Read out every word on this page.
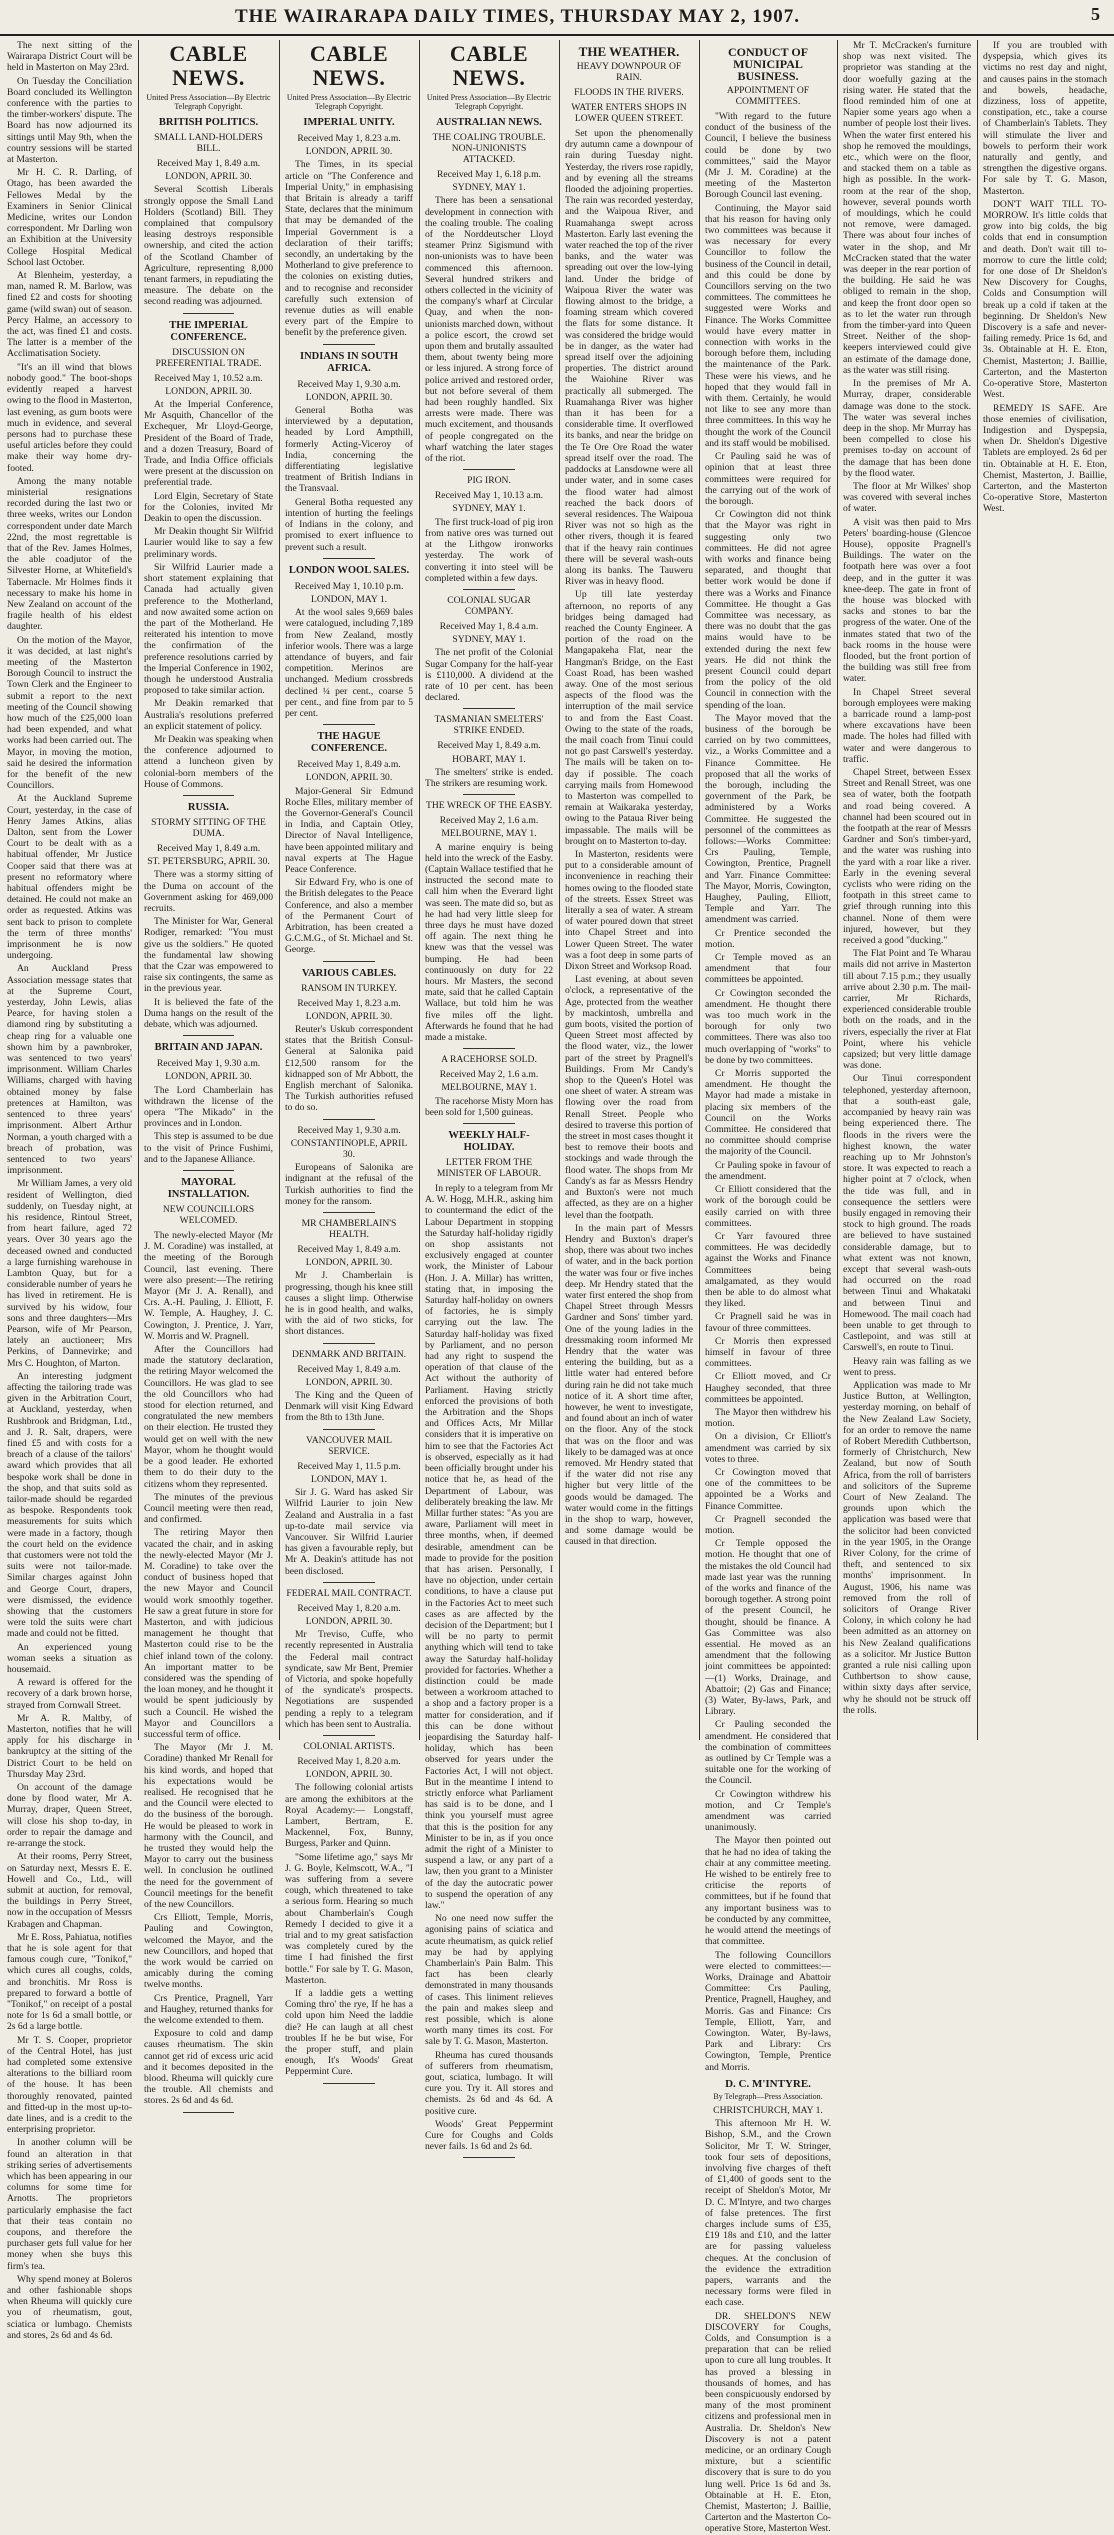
THE WAIRARAPA DAILY TIMES, THURSDAY MAY 2, 1907.	5

The next sitting of the Wairarapa District Court will be held in Masterton on May 23rd.

On Tuesday the Conciliation Board concluded its Wellington conference with the parties to the timber-workers' dispute. The Board has now adjourned its sittings until May 9th, when the country sessions will be started at Masterton.

Mr H. C. R. Darling, of Otago, has been awarded the Fellowes Medal by the Examiners in Senior Clinical Medicine, writes our London correspondent. Mr Darling won an Exhibition at the University College Hospital Medical School last October.

At Blenheim, yesterday, a man, named R. M. Barlow, was fined £2 and costs for shooting game (wild swan) out of season. Percy Halme, an accessory to the act, was fined £1 and costs. The latter is a member of the Acclimatisation Society.

"It's an ill wind that blows nobody good." The boot-shops evidently reaped a harvest owing to the flood in Masterton, last evening, as gum boots were much in evidence, and several persons had to purchase these useful articles before they could make their way home dry-footed.

Among the many notable ministerial resignations recorded during the last two or three weeks, writes our London correspondent under date March 22nd, the most regrettable is that of the Rev. James Holmes, the able coadjutor of the Silvester Horne, at Whitefield's Tabernacle. Mr Holmes finds it necessary to make his home in New Zealand on account of the fragile health of his eldest daughter.

On the motion of the Mayor, it was decided, at last night's meeting of the Masterton Borough Council to instruct the Town Clerk and the Engineer to submit a report to the next meeting of the Council showing how much of the £25,000 loan had been expended, and what works had been carried out. The Mayor, in moving the motion, said he desired the information for the benefit of the new Councillors.

At the Auckland Supreme Court, yesterday, in the case of Henry James Atkins, alias Dalton, sent from the Lower Court to be dealt with as a habitual offender, Mr Justice Cooper said that there was at present no reformatory where habitual offenders might be detained. He could not make an order as requested. Atkins was sent back to prison to complete the term of three months' imprisonment he is now undergoing.

An Auckland Press Association message states that at the Supreme Court, yesterday, John Lewis, alias Pearce, for having stolen a diamond ring by substituting a cheap ring for a valuable one shown him by a pawnbroker, was sentenced to two years' imprisonment. William Charles Williams, charged with having obtained money by false pretences at Hamilton, was sentenced to three years' imprisonment. Albert Arthur Norman, a youth charged with a breach of probation, was sentenced to two years' imprisonment.

Mr William James, a very old resident of Wellington, died suddenly, on Tuesday night, at his residence, Rintoul Street, from heart failure, aged 72 years. Over 30 years ago the deceased owned and conducted a large furnishing warehouse in Lambton Quay, but for a considerable number of years he has lived in retirement. He is survived by his widow, four sons and three daughters—Mrs Pearson, wife of Mr Pearson, lately an auctioneer; Mrs Perkins, of Dannevirke; and Mrs C. Houghton, of Marton.

An interesting judgment affecting the tailoring trade was given in the Arbitration Court, at Auckland, yesterday, when Rushbrook and Bridgman, Ltd., and J. R. Salt, drapers, were fined £5 and with costs for a breach of a clause of the tailors' award which provides that all bespoke work shall be done in the shop, and that suits sold as tailor-made should be regarded as bespoke. Respondents took measurements for suits which were made in a factory, though the court held on the evidence that customers were not told the suits were not tailor-made. Similar charges against John and George Court, drapers, were dismissed, the evidence showing that the customers were told the suits were chart made and could not be fitted.

An experienced young woman seeks a situation as housemaid.

A reward is offered for the recovery of a dark brown horse, strayed from Cornwall Street.

Mr A. R. Maltby, of Masterton, notifies that he will apply for his discharge in bankruptcy at the sitting of the District Court to be held on Thursday May 23rd.

On account of the damage done by flood water, Mr A. Murray, draper, Queen Street, will close his shop to-day, in order to repair the damage and re-arrange the stock.

At their rooms, Perry Street, on Saturday next, Messrs E. E. Howell and Co., Ltd., will submit at auction, for removal, the buildings in Perry Street, now in the occupation of Messrs Krabagen and Chapman.

Mr E. Ross, Pahiatua, notifies that he is sole agent for that famous cough cure, "Tonikof," which cures all coughs, colds, and bronchitis. Mr Ross is prepared to forward a bottle of "Tonikof," on receipt of a postal note for 1s 6d a small bottle, or 2s 6d a large bottle.

Mr T. S. Cooper, proprietor of the Central Hotel, has just had completed some extensive alterations to the billiard room of the house. It has been thoroughly renovated, painted and fitted-up in the most up-to-date lines, and is a credit to the enterprising proprietor.

In another column will be found an alteration in that striking series of advertisements which has been appearing in our columns for some time for Arnotts. The proprietors particularly emphasise the fact that their teas contain no coupons, and therefore the purchaser gets full value for her money when she buys this firm's tea.

Why spend money at Boleros and other fashionable shops when Rheuma will quickly cure you of rheumatism, gout, sciatica or lumbago. Chemists and stores, 2s 6d and 4s 6d.

CABLE NEWS.
United Press Association—By Electric Telegraph Copyright.
BRITISH POLITICS.
SMALL LAND-HOLDERS BILL.
Received May 1, 8.49 a.m.
LONDON, APRIL 30.

Several Scottish Liberals strongly oppose the Small Land Holders (Scotland) Bill. They complained that compulsory leasing destroys responsible ownership, and cited the action of the Scotland Chamber of Agriculture, representing 8,000 tenant farmers, in repudiating the measure. The debate on the second reading was adjourned.

THE IMPERIAL CONFERENCE.
DISCUSSION ON PREFERENTIAL TRADE.
Received May 1, 10.52 a.m.
LONDON, APRIL 30.

At the Imperial Conference, Mr Asquith, Chancellor of the Exchequer, Mr Lloyd-George, President of the Board of Trade, and a dozen Treasury, Board of Trade, and India Office officials were present at the discussion on preferential trade.

Lord Elgin, Secretary of State for the Colonies, invited Mr Deakin to open the discussion.

Mr Deakin thought Sir Wilfrid Laurier would like to say a few preliminary words.

Sir Wilfrid Laurier made a short statement explaining that Canada had actually given preference to the Motherland, and now awaited some action on the part of the Motherland. He reiterated his intention to move the confirmation of the preference resolutions carried by the Imperial Conference in 1902, though he understood Australia proposed to take similar action.

Mr Deakin remarked that Australia's resolutions preferred an explicit statement of policy.

Mr Deakin was speaking when the conference adjourned to attend a luncheon given by colonial-born members of the House of Commons.

RUSSIA.
STORMY SITTING OF THE DUMA.
Received May 1, 8.49 a.m.
ST. PETERSBURG, APRIL 30.

There was a stormy sitting of the Duma on account of the Government asking for 469,000 recruits.

The Minister for War, General Rodiger, remarked: "You must give us the soldiers." He quoted the fundamental law showing that the Czar was empowered to raise six contingents, the same as in the previous year.

It is believed the fate of the Duma hangs on the result of the debate, which was adjourned.

BRITAIN AND JAPAN.
Received May 1, 9.30 a.m.
LONDON, APRIL 30.

The Lord Chamberlain has withdrawn the license of the opera "The Mikado" in the provinces and in London.

This step is assumed to be due to the visit of Prince Fushimi, and to the Japanese Alliance.

MAYORAL INSTALLATION.
NEW COUNCILLORS WELCOMED.

The newly-elected Mayor (Mr J. M. Coradine) was installed, at the meeting of the Borough Council, last evening. There were also present:—The retiring Mayor (Mr J. A. Renall), and Crs. A.-H. Pauling, J. Elliott, F. W. Temple, A. Haughey, J. C. Cowington, J. Prentice, J. Yarr, W. Morris and W. Pragnell.

After the Councillors had made the statutory declaration, the retiring Mayor welcomed the Councillors. He was glad to see the old Councillors who had stood for election returned, and congratulated the new members on their election. He trusted they would get on well with the new Mayor, whom he thought would be a good leader. He exhorted them to do their duty to the citizens whom they represented.

The minutes of the previous Council meeting were then read, and confirmed.

The retiring Mayor then vacated the chair, and in asking the newly-elected Mayor (Mr J. M. Coradine) to take over the conduct of business hoped that the new Mayor and Council would work smoothly together. He saw a great future in store for Masterton, and with judicious management he thought that Masterton could rise to be the chief inland town of the colony. An important matter to be considered was the spending of the loan money, and he thought it would be spent judiciously by such a Council. He wished the Mayor and Councillors a successful term of office.

The Mayor (Mr J. M. Coradine) thanked Mr Renall for his kind words, and hoped that his expectations would be realised. He recognised that he and the Council were elected to do the business of the borough. He would be pleased to work in harmony with the Council, and he trusted they would help the Mayor to carry out the business well. In conclusion he outlined the need for the government of Council meetings for the benefit of the new Councillors.

Crs Elliott, Temple, Morris, Pauling and Cowington, welcomed the Mayor, and the new Councillors, and hoped that the work would be carried on amicably during the coming twelve months.

Crs Prentice, Pragnell, Yarr and Haughey, returned thanks for the welcome extended to them.

Exposure to cold and damp causes rheumatism. The skin cannot get rid of excess uric acid and it becomes deposited in the blood. Rheuma will quickly cure the trouble. All chemists and stores. 2s 6d and 4s 6d.

CABLE NEWS.
United Press Association—By Electric Telegraph Copyright.
IMPERIAL UNITY.
Received May 1, 8.23 a.m.
LONDON, APRIL 30.

The Times, in its special article on "The Conference and Imperial Unity," in emphasising that Britain is already a tariff State, declares that the minimum that may be demanded of the Imperial Government is a declaration of their tariffs; secondly, an undertaking by the Motherland to give preference to the colonies on existing duties, and to recognise and reconsider carefully such extension of revenue duties as will enable every part of the Empire to benefit by the preference given.

INDIANS IN SOUTH AFRICA.
Received May 1, 9.30 a.m.
LONDON, APRIL 30.

General Botha was interviewed by a deputation, headed by Lord Ampthill, formerly Acting-Viceroy of India, concerning the differentiating legislative treatment of British Indians in the Transvaal.

General Botha requested any intention of hurting the feelings of Indians in the colony, and promised to exert influence to prevent such a result.

LONDON WOOL SALES.
Received May 1, 10.10 p.m.
LONDON, MAY 1.

At the wool sales 9,669 bales were catalogued, including 7,189 from New Zealand, mostly inferior wools. There was a large attendance of buyers, and fair competition. Merinos are unchanged. Medium crossbreds declined ¼ per cent., coarse 5 per cent., and fine from par to 5 per cent.

THE HAGUE CONFERENCE.
Received May 1, 8.49 a.m.
LONDON, APRIL 30.

Major-General Sir Edmund Roche Elles, military member of the Governor-General's Council in India, and Captain Otley, Director of Naval Intelligence, have been appointed military and naval experts at The Hague Peace Conference.

Sir Edward Fry, who is one of the British delegates to the Peace Conference, and also a member of the Permanent Court of Arbitration, has been created a G.C.M.G., of St. Michael and St. George.

VARIOUS CABLES.
RANSOM IN TURKEY.
Received May 1, 8.23 a.m.
LONDON, APRIL 30.

Reuter's Uskub correspondent states that the British Consul-General at Salonika paid £12,500 ransom for the kidnapped son of Mr Abbott, the English merchant of Salonika. The Turkish authorities refused to do so.

Received May 1, 9.30 a.m.
CONSTANTINOPLE, APRIL 30.

Europeans of Salonika are indignant at the refusal of the Turkish authorities to find the money for the ransom.

MR CHAMBERLAIN'S HEALTH.
Received May 1, 8.49 a.m.
LONDON, APRIL 30.

Mr J. Chamberlain is progressing, though his knee still causes a slight limp. Otherwise he is in good health, and walks, with the aid of two sticks, for short distances.

DENMARK AND BRITAIN.
Received May 1, 8.49 a.m.
LONDON, APRIL 30.

The King and the Queen of Denmark will visit King Edward from the 8th to 13th June.

VANCOUVER MAIL SERVICE.
Received May 1, 11.5 p.m.
LONDON, MAY 1.

Sir J. G. Ward has asked Sir Wilfrid Laurier to join New Zealand and Australia in a fast up-to-date mail service via Vancouver. Sir Wilfrid Laurier has given a favourable reply, but Mr A. Deakin's attitude has not been disclosed.

FEDERAL MAIL CONTRACT.
Received May 1, 8.20 a.m.
LONDON, APRIL 30.

Mr Treviso, Cuffe, who recently represented in Australia the Federal mail contract syndicate, saw Mr Bent, Premier of Victoria, and spoke hopefully of the syndicate's prospects. Negotiations are suspended pending a reply to a telegram which has been sent to Australia.

COLONIAL ARTISTS.
Received May 1, 8.20 a.m.
LONDON, APRIL 30.

The following colonial artists are among the exhibitors at the Royal Academy:— Longstaff, Lambert, Bertram, E. Mackennel, Fox, Bunny, Burgess, Parker and Quinn.

"Some lifetime ago," says Mr J. G. Boyle, Kelmscott, W.A., "I was suffering from a severe cough, which threatened to take a serious form. Hearing so much about Chamberlain's Cough Remedy I decided to give it a trial and to my great satisfaction was completely cured by the time I had finished the first bottle." For sale by T. G. Mason, Masterton.

If a laddie gets a wetting Coming thro' the rye, If he has a cold upon him Need the laddie die? He can laugh at all chest troubles If he be but wise, For the proper stuff, and plain enough, It's Woods' Great Peppermint Cure.

CABLE NEWS.
United Press Association—By Electric Telegraph Copyright.
AUSTRALIAN NEWS.
THE COALING TROUBLE. NON-UNIONISTS ATTACKED.
Received May 1, 6.18 p.m.
SYDNEY, MAY 1.

There has been a sensational development in connection with the coaling trouble. The coaling of the Norddeutscher Lloyd steamer Prinz Sigismund with non-unionists was to have been commenced this afternoon. Several hundred strikers and others collected in the vicinity of the company's wharf at Circular Quay, and when the non-unionists marched down, without a police escort, the crowd set upon them and brutally assaulted them, about twenty being more or less injured. A strong force of police arrived and restored order, but not before several of them had been roughly handled. Six arrests were made. There was much excitement, and thousands of people congregated on the wharf watching the later stages of the riot.

PIG IRON.
Received May 1, 10.13 a.m.
SYDNEY, MAY 1.

The first truck-load of pig iron from native ores was turned out at the Lithgow ironworks yesterday. The work of converting it into steel will be completed within a few days.

COLONIAL SUGAR COMPANY.
Received May 1, 8.4 a.m.
SYDNEY, MAY 1.

The net profit of the Colonial Sugar Company for the half-year is £110,000. A dividend at the rate of 10 per cent. has been declared.

TASMANIAN SMELTERS' STRIKE ENDED.
Received May 1, 8.49 a.m.
HOBART, MAY 1.

The smelters' strike is ended. The strikers are resuming work.

THE WRECK OF THE EASBY.
Received May 2, 1.6 a.m.
MELBOURNE, MAY 1.

A marine enquiry is being held into the wreck of the Easby. (Captain Wallace testified that he instructed the second mate to call him when the Everard light was seen. The mate did so, but as he had had very little sleep for three days he must have dozed off again. The next thing he knew was that the vessel was bumping. He had been continuously on duty for 22 hours. Mr Masters, the second mate, said that he called Captain Wallace, but told him he was five miles off the light. Afterwards he found that he had made a mistake.

A RACEHORSE SOLD.
Received May 2, 1.6 a.m.
MELBOURNE, MAY 1.

The racehorse Misty Morn has been sold for 1,500 guineas.

WEEKLY HALF-HOLIDAY.
LETTER FROM THE MINISTER OF LABOUR.

In reply to a telegram from Mr A. W. Hogg, M.H.R., asking him to countermand the edict of the Labour Department in stopping the Saturday half-holiday rigidly on shop assistants not exclusively engaged at counter work, the Minister of Labour (Hon. J. A. Millar) has written, stating that, in imposing the Saturday half-holiday on owners of factories, he is simply carrying out the law. The Saturday half-holiday was fixed by Parliament, and no person had any right to suspend the operation of that clause of the Act without the authority of Parliament. Having strictly enforced the provisions of both the Arbitration and the Shops and Offices Acts, Mr Millar considers that it is imperative on him to see that the Factories Act is observed, especially as it had been officially brought under his notice that he, as head of the Department of Labour, was deliberately breaking the law. Mr Millar further states: "As you are aware, Parliament will meet in three months, when, if deemed desirable, amendment can be made to provide for the position that has arisen. Personally, I have no objection, under certain conditions, to have a clause put in the Factories Act to meet such cases as are affected by the decision of the Department; but I will be no party to permit anything which will tend to take away the Saturday half-holiday provided for factories. Whether a distinction could be made between a workroom attached to a shop and a factory proper is a matter for consideration, and if this can be done without jeopardising the Saturday half-holiday, which has been observed for years under the Factories Act, I will not object. But in the meantime I intend to strictly enforce what Parliament has said is to be done, and I think you yourself must agree that this is the position for any Minister to be in, as if you once admit the right of a Minister to suspend a law, or any part of a law, then you grant to a Minister of the day the autocratic power to suspend the operation of any law."

No one need now suffer the agonising pains of sciatica and acute rheumatism, as quick relief may be had by applying Chamberlain's Pain Balm. This fact has been clearly demonstrated in many thousands of cases. This liniment relieves the pain and makes sleep and rest possible, which is alone worth many times its cost. For sale by T. G. Mason, Masterton.

Rheuma has cured thousands of sufferers from rheumatism, gout, sciatica, lumbago. It will cure you. Try it. All stores and chemists. 2s 6d and 4s 6d. A positive cure.

Woods' Great Peppermint Cure for Coughs and Colds never fails. 1s 6d and 2s 6d.

THE WEATHER.
HEAVY DOWNPOUR OF RAIN.
FLOODS IN THE RIVERS.
WATER ENTERS SHOPS IN LOWER QUEEN STREET.

Set upon the phenomenally dry autumn came a downpour of rain during Tuesday night. Yesterday, the rivers rose rapidly, and by evening all the streams flooded the adjoining properties. The rain was recorded yesterday, and the Waipoua River, and Ruamahanga swept across Masterton. Early last evening the water reached the top of the river banks, and the water was spreading out over the low-lying land. Under the bridge of Waipoua River the water was flowing almost to the bridge, a foaming stream which covered the flats for some distance. It was considered the bridge would be in danger, as the water had spread itself over the adjoining properties. The district around the Waiohine River was practically all submerged. The Ruamahanga River was higher than it has been for a considerable time. It overflowed its banks, and near the bridge on the Te Ore Ore Road the water spread itself over the road. The paddocks at Lansdowne were all under water, and in some cases the flood water had almost reached the back doors of several residences. The Waipoua River was not so high as the other rivers, though it is feared that if the heavy rain continues there will be several wash-outs along its banks. The Tauweru River was in heavy flood.

Up till late yesterday afternoon, no reports of any bridges being damaged had reached the County Engineer. A portion of the road on the Mangapakeha Flat, near the Hangman's Bridge, on the East Coast Road, has been washed away. One of the most serious aspects of the flood was the interruption of the mail service to and from the East Coast. Owing to the state of the roads, the mail coach from Tinui could not go past Carswell's yesterday. The mails will be taken on to-day if possible. The coach carrying mails from Homewood to Masterton was compelled to remain at Waikaraka yesterday, owing to the Pataua River being impassable. The mails will be brought on to Masterton to-day.

In Masterton, residents were put to a considerable amount of inconvenience in reaching their homes owing to the flooded state of the streets. Essex Street was literally a sea of water. A stream of water poured down that street into Chapel Street and into Lower Queen Street. The water was a foot deep in some parts of Dixon Street and Worksop Road.

Last evening, at about seven o'clock, a representative of the Age, protected from the weather by mackintosh, umbrella and gum boots, visited the portion of Queen Street most affected by the flood water, viz., the lower part of the street by Pragnell's Buildings. From Mr Candy's shop to the Queen's Hotel was one sheet of water. A stream was flowing over the road from Renall Street. People who desired to traverse this portion of the street in most cases thought it best to remove their boots and stockings and wade through the flood water. The shops from Mr Candy's as far as Messrs Hendry and Buxton's were not much affected, as they are on a higher level than the footpath.

In the main part of Messrs Hendry and Buxton's draper's shop, there was about two inches of water, and in the back portion the water was four or five inches deep. Mr Hendry stated that the water first entered the shop from Chapel Street through Messrs Gardner and Sons' timber yard. One of the young ladies in the dressmaking room informed Mr Hendry that the water was entering the building, but as a little water had entered before during rain he did not take much notice of it. A short time after, however, he went to investigate, and found about an inch of water on the floor. Any of the stock that was on the floor and was likely to be damaged was at once removed. Mr Hendry stated that if the water did not rise any higher but very little of the goods would be damaged. The water would come in the fittings in the shop to warp, however, and some damage would be caused in that direction.

CONDUCT OF MUNICIPAL BUSINESS.
APPOINTMENT OF COMMITTEES.

"With regard to the future conduct of the business of the Council, I believe the business could be done by two committees," said the Mayor (Mr J. M. Coradine) at the meeting of the Masterton Borough Council last evening.

Continuing, the Mayor said that his reason for having only two committees was because it was necessary for every Councillor to follow the business of the Council in detail, and this could be done by Councillors serving on the two committees. The committees he suggested were Works and Finance. The Works Committee would have every matter in connection with works in the borough before them, including the maintenance of the Park. These were his views, and he hoped that they would fall in with them. Certainly, he would not like to see any more than three committees. In this way he thought the work of the Council and its staff would be mobilised.

Cr Pauling said he was of opinion that at least three committees were required for the carrying out of the work of the borough.

Cr Cowington did not think that the Mayor was right in suggesting only two committees. He did not agree with works and finance being separated, and thought that better work would be done if there was a Works and Finance Committee. He thought a Gas Committee was necessary, as there was no doubt that the gas mains would have to be extended during the next few years. He did not think the present Council could depart from the policy of the old Council in connection with the spending of the loan.

The Mayor moved that the business of the borough be carried on by two committees, viz., a Works Committee and a Finance Committee. He proposed that all the works of the borough, including the government of the Park, be administered by a Works Committee. He suggested the personnel of the committees as follows:—Works Committee: Crs Pauling, Temple, Cowington, Prentice, Pragnell and Yarr. Finance Committee: The Mayor, Morris, Cowington, Haughey, Pauling, Elliott, Temple and Yarr. The amendment was carried.

Cr Prentice seconded the motion.

Cr Temple moved as an amendment that four committees be appointed.

Cr Cowington seconded the amendment. He thought there was too much work in the borough for only two committees. There was also too much overlapping of "works" to be done by two committees.

Cr Morris supported the amendment. He thought the Mayor had made a mistake in placing six members of the Council on the Works Committee. He considered that no committee should comprise the majority of the Council.

Cr Pauling spoke in favour of the amendment.

Cr Elliott considered that the work of the borough could be easily carried on with three committees.

Cr Yarr favoured three committees. He was decidedly against the Works and Finance Committees being amalgamated, as they would then be able to do almost what they liked.

Cr Pragnell said he was in favour of three committees.

Cr Morris then expressed himself in favour of three committees.

Cr Elliott moved, and Cr Haughey seconded, that three committees be appointed.

The Mayor then withdrew his motion.

On a division, Cr Elliott's amendment was carried by six votes to three.

Cr Cowington moved that one of the committees to be appointed be a Works and Finance Committee.

Cr Pragnell seconded the motion.

Cr Temple opposed the motion. He thought that one of the mistakes the old Council had made last year was the running of the works and finance of the borough together. A strong point of the present Council, he thought, should be finance. A Gas Committee was also essential. He moved as an amendment that the following joint committees be appointed:—(1) Works, Drainage, and Abattoir; (2) Gas and Finance; (3) Water, By-laws, Park, and Library.

Cr Pauling seconded the amendment. He considered that the combination of committees as outlined by Cr Temple was a suitable one for the working of the Council.

Cr Cowington withdrew his motion, and Cr Temple's amendment was carried unanimously.

The Mayor then pointed out that he had no idea of taking the chair at any committee meeting. He wished to be entirely free to criticise the reports of committees, but if he found that any important business was to be conducted by any committee, he would attend the meetings of that committee.

The following Councillors were elected to committees:—Works, Drainage and Abattoir Committee: Crs Pauling, Prentice, Pragnell, Haughey, and Morris. Gas and Finance: Crs Temple, Elliott, Yarr, and Cowington. Water, By-laws, Park and Library: Crs Cowington, Temple, Prentice and Morris.

D. C. M'INTYRE.
By Telegraph—Press Association.
CHRISTCHURCH, MAY 1.

This afternoon Mr H. W. Bishop, S.M., and the Crown Solicitor, Mr T. W. Stringer, took four sets of depositions, involving five charges of theft of £1,400 of goods sent to the receipt of Sheldon's Motor, Mr D. C. M'Intyre, and two charges of false pretences. The first charges include sums of £35, £19 18s and £10, and the latter are for passing valueless cheques. At the conclusion of the evidence the extradition papers, warrants and the necessary forms were filed in each case.

DR. SHELDON'S NEW DISCOVERY for Coughs, Colds, and Consumption is a preparation that can be relied upon to cure all lung troubles. It has proved a blessing in thousands of homes, and has been conspicuously endorsed by many of the most prominent citizens and professional men in Australia. Dr. Sheldon's New Discovery is not a patent medicine, or an ordinary Cough mixture, but a scientific discovery that is sure to do you lung well. Price 1s 6d and 3s. Obtainable at H. E. Eton, Chemist, Masterton; J. Baillie, Carterton and the Masterton Co-operative Store, Masterton West.

Mr T. McCracken's furniture shop was next visited. The proprietor was standing at the door woefully gazing at the rising water. He stated that the flood reminded him of one at Napier some years ago when a number of people lost their lives. When the water first entered his shop he removed the mouldings, etc., which were on the floor, and stacked them on a table as high as possible. In the work-room at the rear of the shop, however, several pounds worth of mouldings, which he could not remove, were damaged. There was about four inches of water in the shop, and Mr McCracken stated that the water was deeper in the rear portion of the building. He said he was obliged to remain in the shop, and keep the front door open so as to let the water run through from the timber-yard into Queen Street. Neither of the shop-keepers interviewed could give an estimate of the damage done, as the water was still rising.

In the premises of Mr A. Murray, draper, considerable damage was done to the stock. The water was several inches deep in the shop. Mr Murray has been compelled to close his premises to-day on account of the damage that has been done by the flood water.

The floor at Mr Wilkes' shop was covered with several inches of water.

A visit was then paid to Mrs Peters' boarding-house (Glencoe House), opposite Pragnell's Buildings. The water on the footpath here was over a foot deep, and in the gutter it was knee-deep. The gate in front of the house was blocked with sacks and stones to bar the progress of the water. One of the inmates stated that two of the back rooms in the house were flooded, but the front portion of the building was still free from water.

In Chapel Street several borough employees were making a barricade round a lamp-post where excavations have been made. The holes had filled with water and were dangerous to traffic.

Chapel Street, between Essex Street and Renall Street, was one sea of water, both the footpath and road being covered. A channel had been scoured out in the footpath at the rear of Messrs Gardner and Son's timber-yard, and the water was rushing into the yard with a roar like a river. Early in the evening several cyclists who were riding on the footpath in this street came to grief through running into this channel. None of them were injured, however, but they received a good "ducking."

The Flat Point and Te Wharau mails did not arrive in Masterton till about 7.15 p.m.; they usually arrive about 2.30 p.m. The mail-carrier, Mr Richards, experienced considerable trouble both on the roads, and in the rivers, especially the river at Flat Point, where his vehicle capsized; but very little damage was done.

Our Tinui correspondent telephoned, yesterday afternoon, that a south-east gale, accompanied by heavy rain was being experienced there. The floods in the rivers were the highest known, the water reaching up to Mr Johnston's store. It was expected to reach a higher point at 7 o'clock, when the tide was full, and in consequence the settlers were busily engaged in removing their stock to high ground. The roads are believed to have sustained considerable damage, but to what extent was not known, except that several wash-outs had occurred on the road between Tinui and Whakataki and between Tinui and Homewood. The mail coach had been unable to get through to Castlepoint, and was still at Carswell's, en route to Tinui.

Heavy rain was falling as we went to press.

Application was made to Mr Justice Button, at Wellington, yesterday morning, on behalf of the New Zealand Law Society, for an order to remove the name of Robert Meredith Cuthbertson, formerly of Christchurch, New Zealand, but now of South Africa, from the roll of barristers and solicitors of the Supreme Court of New Zealand. The grounds upon which the application was based were that the solicitor had been convicted in the year 1905, in the Orange River Colony, for the crime of theft, and sentenced to six months' imprisonment. In August, 1906, his name was removed from the roll of solicitors of Orange River Colony, in which colony he had been admitted as an attorney on his New Zealand qualifications as a solicitor. Mr Justice Button granted a rule nisi calling upon Cuthbertson to show cause, within sixty days after service, why he should not be struck off the rolls.

If you are troubled with dyspepsia, which gives its victims no rest day and night, and causes pains in the stomach and bowels, headache, dizziness, loss of appetite, constipation, etc., take a course of Chamberlain's Tablets. They will stimulate the liver and bowels to perform their work naturally and gently, and strengthen the digestive organs. For sale by T. G. Mason, Masterton.

DON'T WAIT TILL TO-MORROW. It's little colds that grow into big colds, the big colds that end in consumption and death. Don't wait till to-morrow to cure the little cold; for one dose of Dr Sheldon's New Discovery for Coughs, Colds and Consumption will break up a cold if taken at the beginning. Dr Sheldon's New Discovery is a safe and never-failing remedy. Price 1s 6d, and 3s. Obtainable at H. E. Eton, Chemist, Masterton; J. Baillie, Carterton, and the Masterton Co-operative Store, Masterton West.

REMEDY IS SAFE. Are those enemies of civilisation, Indigestion and Dyspepsia, when Dr. Sheldon's Digestive Tablets are employed. 2s 6d per tin. Obtainable at H. E. Eton, Chemist, Masterton, J. Baillie, Carterton, and the Masterton Co-operative Store, Masterton West.
